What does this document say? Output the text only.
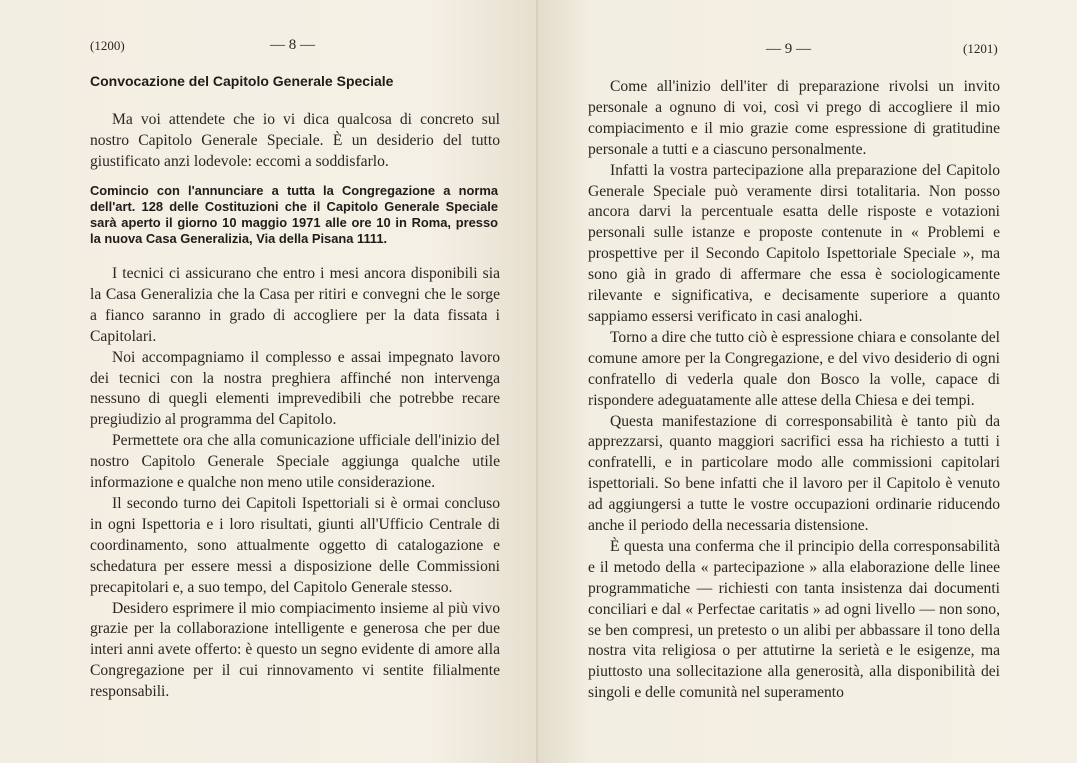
(1200)	— 8 —
Convocazione del Capitolo Generale Speciale

Ma voi attendete che io vi dica qualcosa di concreto sul nostro Capitolo Generale Speciale. È un desiderio del tutto giustificato anzi lodevole: eccomi a soddisfarlo.

Comincio con l'annunciare a tutta la Congregazione a norma dell'art. 128 delle Costituzioni che il Capitolo Generale Speciale sarà aperto il giorno 10 maggio 1971 alle ore 10 in Roma, presso la nuova Casa Generalizia, Via della Pisana 1111.

I tecnici ci assicurano che entro i mesi ancora disponibili sia la Casa Generalizia che la Casa per ritiri e convegni che le sorge a fianco saranno in grado di accogliere per la data fissata i Capitolari.

Noi accompagniamo il complesso e assai impegnato lavoro dei tecnici con la nostra preghiera affinché non intervenga nessuno di quegli elementi imprevedibili che potrebbe recare pregiudizio al programma del Capitolo.

Permettete ora che alla comunicazione ufficiale dell'inizio del nostro Capitolo Generale Speciale aggiunga qualche utile informazione e qualche non meno utile considerazione.

Il secondo turno dei Capitoli Ispettoriali si è ormai concluso in ogni Ispettoria e i loro risultati, giunti all'Ufficio Centrale di coordinamento, sono attualmente oggetto di catalogazione e schedatura per essere messi a disposizione delle Commissioni precapitolari e, a suo tempo, del Capitolo Generale stesso.

Desidero esprimere il mio compiacimento insieme al più vivo grazie per la collaborazione intelligente e generosa che per due interi anni avete offerto: è questo un segno evidente di amore alla Congregazione per il cui rinnovamento vi sentite filialmente responsabili.

— 9 —	(1201)

Come all'inizio dell'iter di preparazione rivolsi un invito personale a ognuno di voi, così vi prego di accogliere il mio compiacimento e il mio grazie come espressione di gratitudine personale a tutti e a ciascuno personalmente.

Infatti la vostra partecipazione alla preparazione del Capitolo Generale Speciale può veramente dirsi totalitaria. Non posso ancora darvi la percentuale esatta delle risposte e votazioni personali sulle istanze e proposte contenute in « Problemi e prospettive per il Secondo Capitolo Ispettoriale Speciale », ma sono già in grado di affermare che essa è sociologicamente rilevante e significativa, e decisamente superiore a quanto sappiamo essersi verificato in casi analoghi.

Torno a dire che tutto ciò è espressione chiara e consolante del comune amore per la Congregazione, e del vivo desiderio di ogni confratello di vederla quale don Bosco la volle, capace di rispondere adeguatamente alle attese della Chiesa e dei tempi.

Questa manifestazione di corresponsabilità è tanto più da apprezzarsi, quanto maggiori sacrifici essa ha richiesto a tutti i confratelli, e in particolare modo alle commissioni capitolari ispettoriali. So bene infatti che il lavoro per il Capitolo è venuto ad aggiungersi a tutte le vostre occupazioni ordinarie riducendo anche il periodo della necessaria distensione.

È questa una conferma che il principio della corresponsabilità e il metodo della « partecipazione » alla elaborazione delle linee programmatiche — richiesti con tanta insistenza dai documenti conciliari e dal « Perfectae caritatis » ad ogni livello — non sono, se ben compresi, un pretesto o un alibi per abbassare il tono della nostra vita religiosa o per attutirne la serietà e le esigenze, ma piuttosto una sollecitazione alla generosità, alla disponibilità dei singoli e delle comunità nel superamento
